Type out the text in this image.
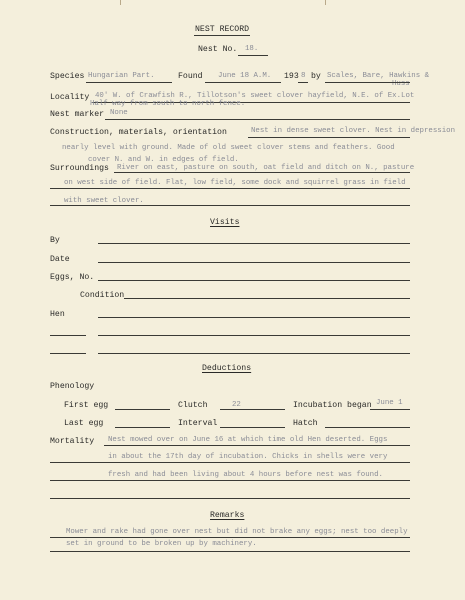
NEST RECORD
Nest No. 18.
Species Hungarian Part.	Found June 18 A.M. 193 8 by Scales, Bare, Hawkins &
Huss
Locality 40' W. of Crawfish R., Tillotson's sweet clover hayfield, N.E. of Ex.Lot
Half way from south to north fence.
Nest marker None
Construction, materials, orientation	Nest in dense sweet clover. Nest in depression
nearly level with ground. Made of old sweet clover stems and feathers. Good
cover N. and W. in edges of field.
Surroundings River on east, pasture on south, oat field and ditch on N., pasture
on west side of field. Flat, low field, some dock and squirrel grass in field
with sweet clover.
Visits
By
Date
Eggs, No.
Condition
Hen
Deductions
Phenology
First egg	Clutch	22	Incubation began June 1
Last egg	Interval	Hatch
Mortality Nest mowed over on June 16 at which time old Hen deserted. Eggs
in about the 17th day of incubation. Chicks in shells were very
fresh and had been living about 4 hours before nest was found.
Remarks
Mower and rake had gone over nest but did not brake any eggs; nest too deeply
set in ground to be broken up by machinery.
